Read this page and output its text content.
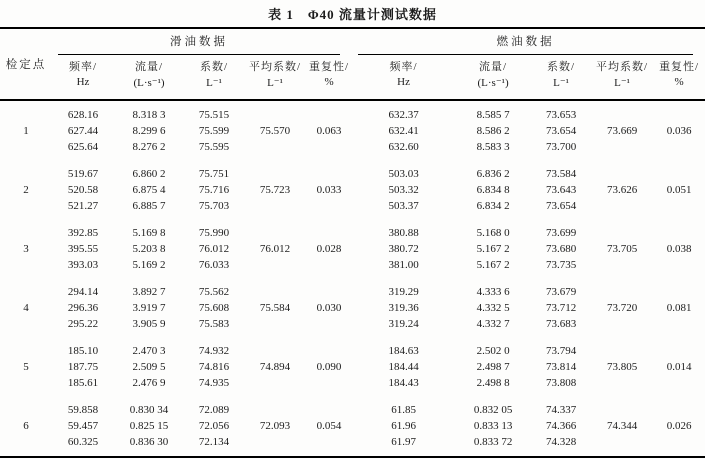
表 1 Φ40 流量计测试数据
检定点	滑油数据					燃油数据				

	频率/	流量/	系数/	平均系数/	重复性/	频率/	流量/	系数/	平均系数/	重复性/
	Hz	(L·s⁻¹)	L⁻¹	L⁻¹	%	Hz	(L·s⁻¹)	L⁻¹	L⁻¹	%

1	628.16	8.318 3	75.515	75.570	0.063	632.37	8.585 7	73.653	73.669	0.036
	627.44	8.299 6	75.599			632.41	8.586 2	73.654		
	625.64	8.276 2	75.595			632.60	8.583 3	73.700		

2	519.67	6.860 2	75.751	75.723	0.033	503.03	6.836 2	73.584	73.626	0.051
	520.58	6.875 4	75.716			503.32	6.834 8	73.643		
	521.27	6.885 7	75.703			503.37	6.834 2	73.654		

3	392.85	5.169 8	75.990	76.012	0.028	380.88	5.168 0	73.699	73.705	0.038
	395.55	5.203 8	76.012			380.72	5.167 2	73.680		
	393.03	5.169 2	76.033			381.00	5.167 2	73.735		

4	294.14	3.892 7	75.562	75.584	0.030	319.29	4.333 6	73.679	73.720	0.081
	296.36	3.919 7	75.608			319.36	4.332 5	73.712		
	295.22	3.905 9	75.583			319.24	4.332 7	73.683		

5	185.10	2.470 3	74.932	74.894	0.090	184.63	2.502 0	73.794	73.805	0.014
	187.75	2.509 5	74.816			184.44	2.498 7	73.814		
	185.61	2.476 9	74.935			184.43	2.498 8	73.808		

6	59.858	0.830 34	72.089	72.093	0.054	61.85	0.832 05	74.337	74.344	0.026
	59.457	0.825 15	72.056			61.96	0.833 13	74.366		
	60.325	0.836 30	72.134			61.97	0.833 72	74.328		
